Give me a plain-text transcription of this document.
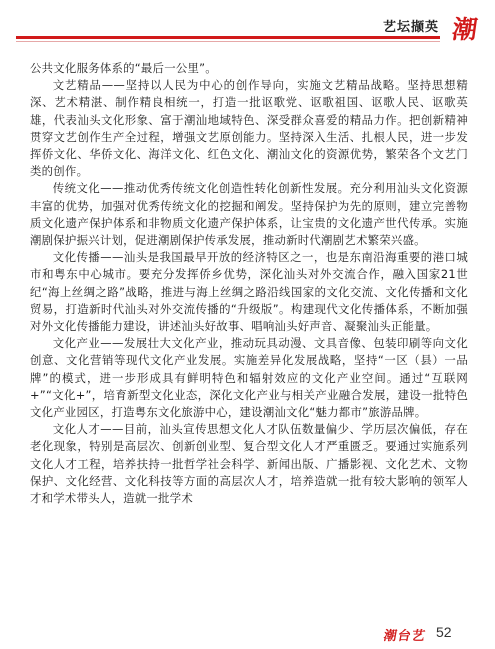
艺坛撷英 潮

公共文化服务体系的“最后一公里”。

文艺精品——坚持以人民为中心的创作导向，实施文艺精品战略。坚持思想精深、艺术精湛、制作精良相统一，打造一批讴歌党、讴歌祖国、讴歌人民、讴歌英雄，代表汕头文化形象、富于潮汕地域特色、深受群众喜爱的精品力作。把创新精神贯穿文艺创作生产全过程，增强文艺原创能力。坚持深入生活、扎根人民，进一步发挥侨文化、华侨文化、海洋文化、红色文化、潮汕文化的资源优势，繁荣各个文艺门类的创作。

传统文化——推动优秀传统文化创造性转化创新性发展。充分利用汕头文化资源丰富的优势，加强对优秀传统文化的挖掘和阐发。坚持保护为先的原则，建立完善物质文化遗产保护体系和非物质文化遗产保护体系，让宝贵的文化遗产世代传承。实施潮剧保护振兴计划，促进潮剧保护传承发展，推动新时代潮剧艺术繁荣兴盛。

文化传播——汕头是我国最早开放的经济特区之一，也是东南沿海重要的港口城市和粤东中心城市。要充分发挥侨乡优势，深化汕头对外交流合作，融入国家21世纪“海上丝绸之路”战略，推进与海上丝绸之路沿线国家的文化交流、文化传播和文化贸易，打造新时代汕头对外交流传播的“升级版”。构建现代文化传播体系，不断加强对外文化传播能力建设，讲述汕头好故事、唱响汕头好声音、凝聚汕头正能量。

文化产业——发展壮大文化产业，推动玩具动漫、文具音像、包装印刷等向文化创意、文化营销等现代文化产业发展。实施差异化发展战略，坚持“一区（县）一品牌”的模式，进一步形成具有鲜明特色和辐射效应的文化产业空间。通过“互联网+”“文化+”，培育新型文化业态，深化文化产业与相关产业融合发展，建设一批特色文化产业园区，打造粤东文化旅游中心，建设潮汕文化“魅力都市”旅游品牌。

文化人才——目前，汕头宣传思想文化人才队伍数量偏少、学历层次偏低，存在老化现象，特别是高层次、创新创业型、复合型文化人才严重匮乏。要通过实施系列文化人才工程，培养扶持一批哲学社会科学、新闻出版、广播影视、文化艺术、文物保护、文化经营、文化科技等方面的高层次人才，培养造就一批有较大影响的领军人才和学术带头人，造就一批学术

潮台艺 52
